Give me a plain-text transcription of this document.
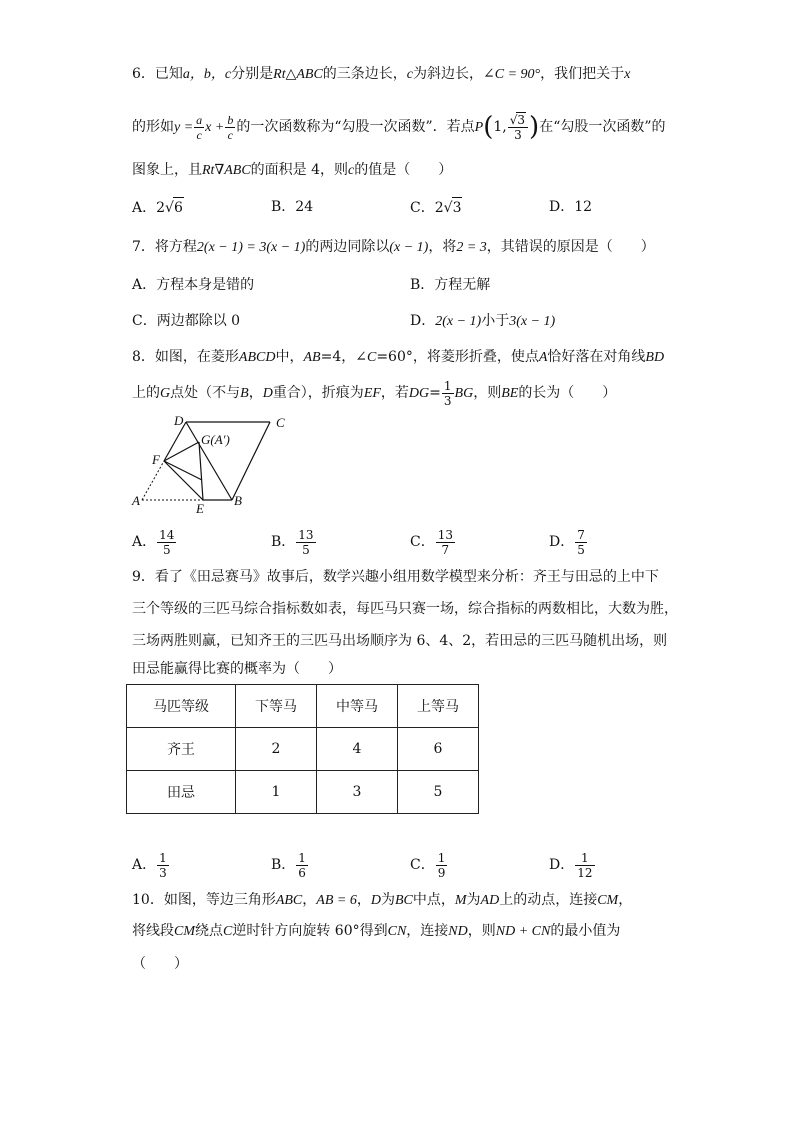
6．已知a，b，c分别是Rt△ABC的三条边长，c为斜边长，∠C = 90°，我们把关于x
的形如$y = \frac{a}{c}$ $x + \frac{b}{c}$ 的一次函数称为“勾股一次函数”．若点P(1, $\frac{√3}{3}$ )在“勾股一次函数”的
图象上，且Rt∇ABC的面积是 4，则c的值是（　　）
A．2√6	B．24	C．2√3	D．12
7．将方程2(x − 1) = 3(x − 1)的两边同除以(x − 1)，将2 = 3，其错误的原因是（　　）
A．方程本身是错的	B．方程无解
C．两边都除以 0	D．2(x − 1)小于3(x − 1)
8．如图，在菱形ABCD中，AB=4，∠C=60°，将菱形折叠，使点A恰好落在对角线BD
上的G点处（不与B，D重合），折痕为EF，若$DG= \frac{1}{3}$ BG，则BE的长为（　　）
D	C
G(A′)
F
A
E
B
A． $\frac{14}{5}$	B． $\frac{13}{5}$	C． $\frac{13}{7}$	D． $\frac{7}{5}$
9．看了《田忌赛马》故事后，数学兴趣小组用数学模型来分析：齐王与田忌的上中下
三个等级的三匹马综合指标数如表，每匹马只赛一场，综合指标的两数相比，大数为胜，
三场两胜则赢，已知齐王的三匹马出场顺序为 6、4、2，若田忌的三匹马随机出场，则
田忌能赢得比赛的概率为（　　）
马匹等级	下等马	中等马	上等马
齐王	2	4	6
田忌	1	3	5
A． $\frac{1}{3}$	B． $\frac{1}{6}$	C． $\frac{1}{9}$	D． $\frac{1}{12}$
10．如图，等边三角形ABC，AB = 6，D为BC中点，M为AD上的动点，连接CM，
将线段CM绕点C逆时针方向旋转 60°得到CN，连接ND，则ND + CN的最小值为
（　　）
